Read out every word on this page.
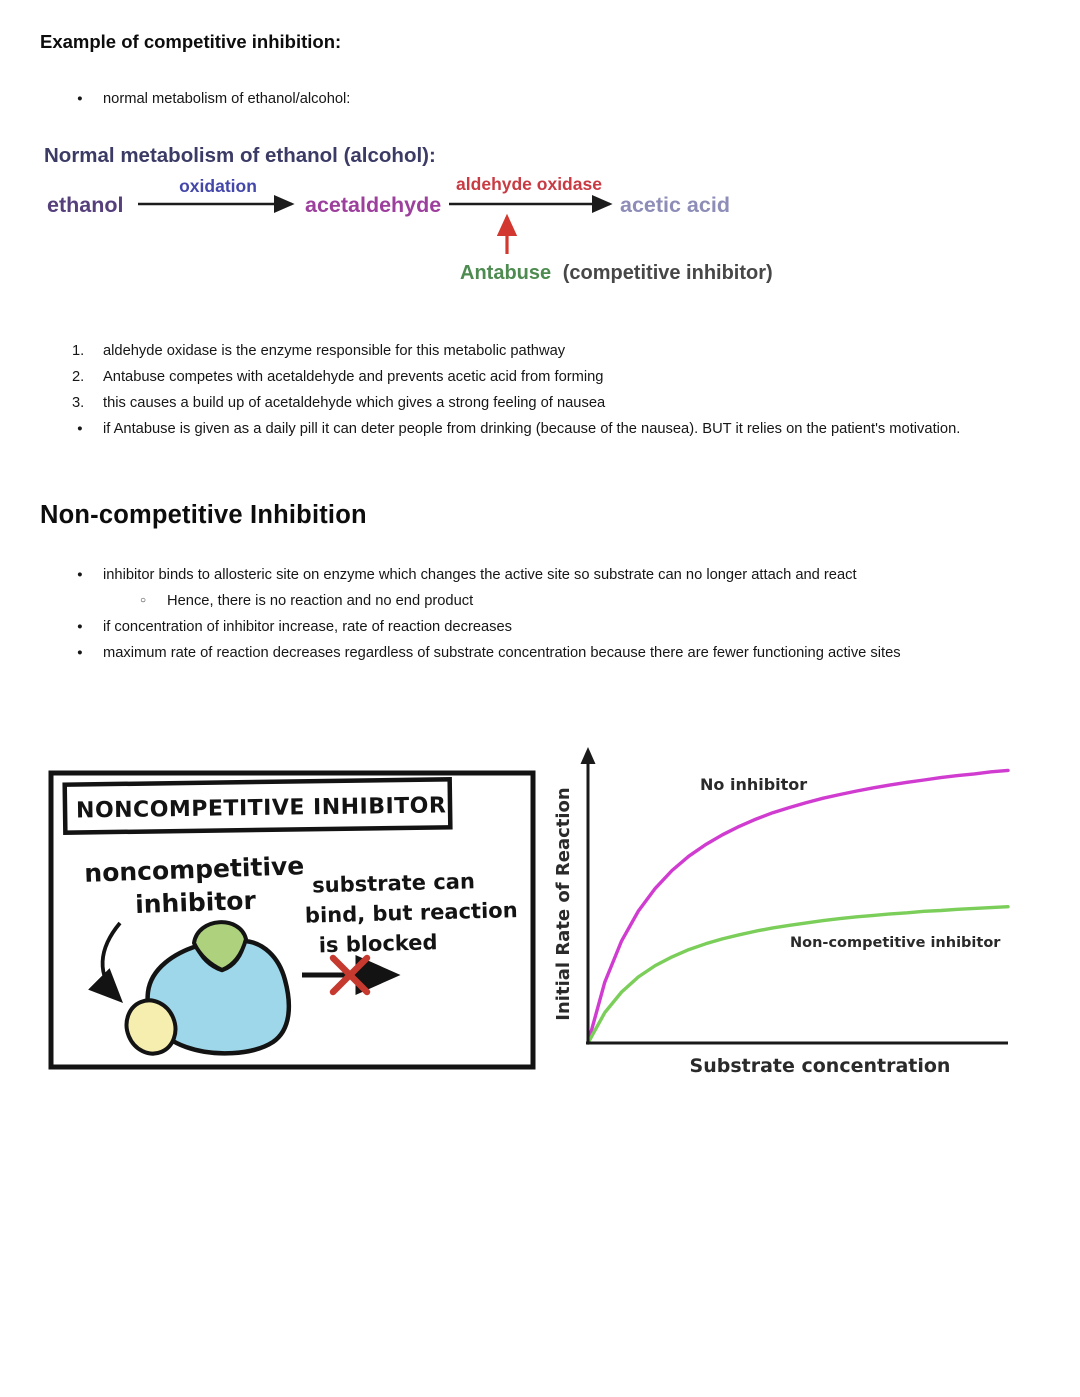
Example of competitive inhibition:
●	normal metabolism of ethanol/alcohol:
Normal metabolism of ethanol (alcohol):
ethanol
oxidation
acetaldehyde
aldehyde oxidase
acetic acid
Antabuse (competitive inhibitor)
1.	aldehyde oxidase is the enzyme responsible for this metabolic pathway
2.	Antabuse competes with acetaldehyde and prevents acetic acid from forming
3.	this causes a build up of acetaldehyde which gives a strong feeling of nausea
●	if Antabuse is given as a daily pill it can deter people from drinking (because of the nausea). BUT it relies on the patient's motivation.
Non-competitive Inhibition
●	inhibitor binds to allosteric site on enzyme which changes the active site so substrate can no longer attach and react
○	Hence, there is no reaction and no end product
●	if concentration of inhibitor increase, rate of reaction decreases
●	maximum rate of reaction decreases regardless of substrate concentration because there are fewer functioning active sites
NONCOMPETITIVE INHIBITOR
noncompetitive
inhibitor
substrate can
bind, but reaction
is blocked
No inhibitor
Non-competitive inhibitor
Initial Rate of Reaction
Substrate concentration
